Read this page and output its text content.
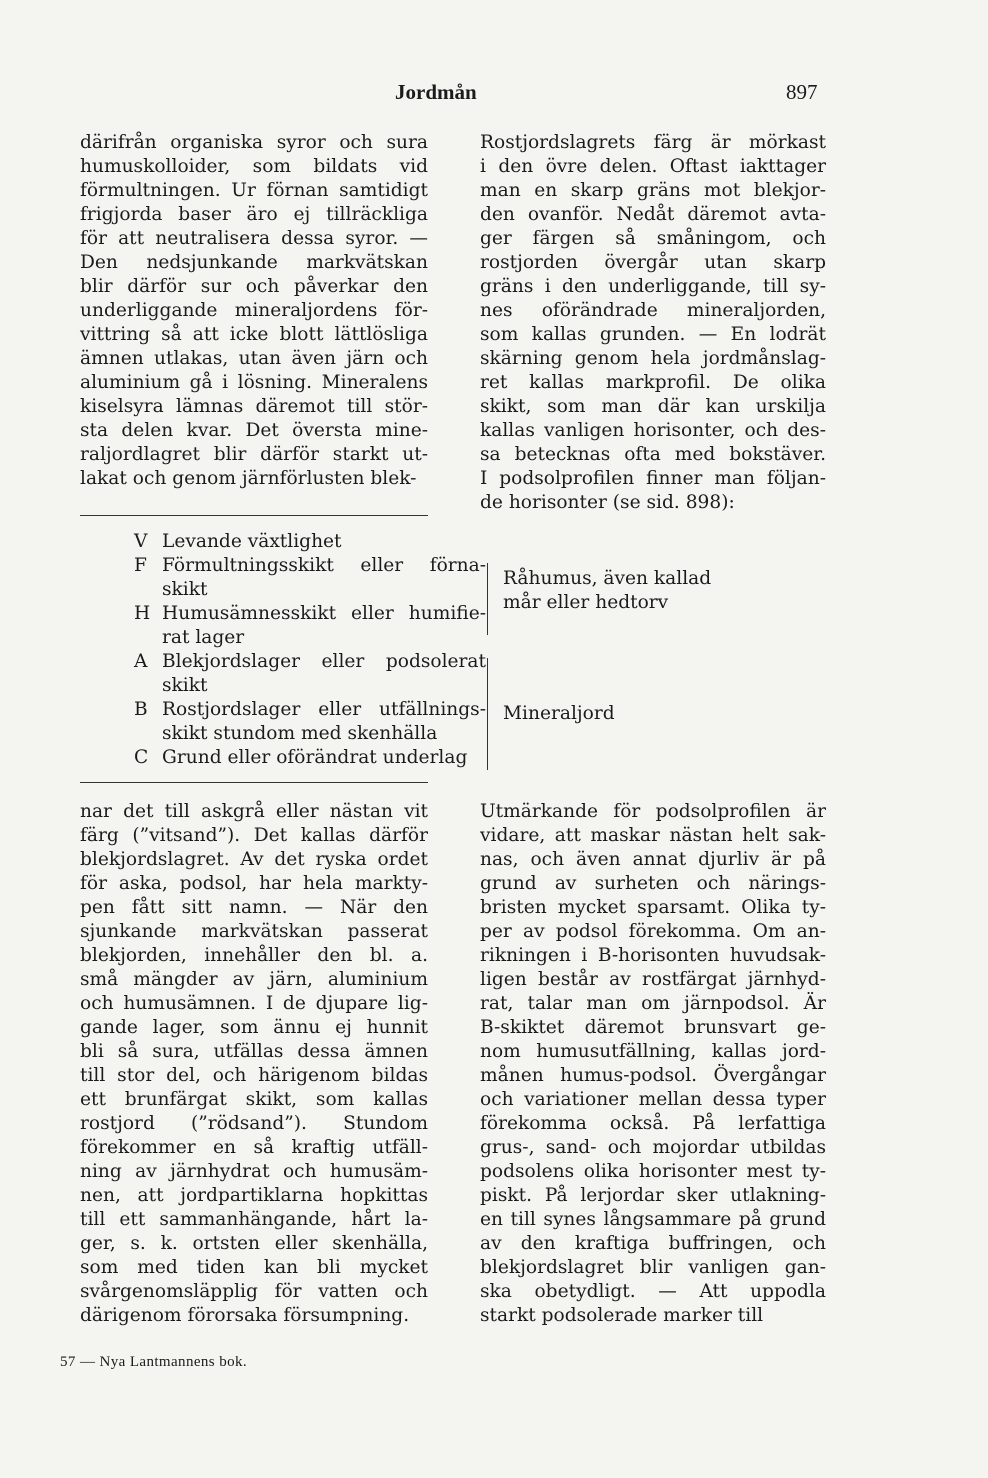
Jordmån	897
därifrån organiska syror och sura
humuskolloider, som bildats vid
förmultningen. Ur förnan samtidigt
frigjorda baser äro ej tillräckliga
för att neutralisera dessa syror. —
Den nedsjunkande markvätskan
blir därför sur och påverkar den
underliggande mineraljordens för-
vittring så att icke blott lättlösliga
ämnen utlakas, utan även järn och
aluminium gå i lösning. Mineralens
kiselsyra lämnas däremot till stör-
sta delen kvar. Det översta mine-
raljordlagret blir därför starkt ut-
lakat och genom järnförlusten blek-
Rostjordslagrets färg är mörkast
i den övre delen. Oftast iakttager
man en skarp gräns mot blekjor-
den ovanför. Nedåt däremot avta-
ger färgen så småningom, och
rostjorden övergår utan skarp
gräns i den underliggande, till sy-
nes oförändrade mineraljorden,
som kallas grunden. — En lodrät
skärning genom hela jordmånslag-
ret kallas markprofil. De olika
skikt, som man där kan urskilja
kallas vanligen horisonter, och des-
sa betecknas ofta med bokstäver.
I podsolprofilen finner man följan-
de horisonter (se sid. 898):
V Levande växtlighet
F Förmultningsskikt eller förna-
skikt
H Humusämnesskikt eller humifie-
rat lager
A Blekjordslager eller podsolerat
skikt
B Rostjordslager eller utfällnings-
skikt stundom med skenhälla
C Grund eller oförändrat underlag
Råhumus, även kallad
mår eller hedtorv
Mineraljord
nar det till askgrå eller nästan vit
färg (”vitsand”). Det kallas därför
blekjordslagret. Av det ryska ordet
för aska, podsol, har hela markty-
pen fått sitt namn. — När den
sjunkande markvätskan passerat
blekjorden, innehåller den bl. a.
små mängder av järn, aluminium
och humusämnen. I de djupare lig-
gande lager, som ännu ej hunnit
bli så sura, utfällas dessa ämnen
till stor del, och härigenom bildas
ett brunfärgat skikt, som kallas
rostjord (”rödsand”). Stundom
förekommer en så kraftig utfäll-
ning av järnhydrat och humusäm-
nen, att jordpartiklarna hopkittas
till ett sammanhängande, hårt la-
ger, s. k. ortsten eller skenhälla,
som med tiden kan bli mycket
svårgenomsläpplig för vatten och
därigenom förorsaka försumpning.
Utmärkande för podsolprofilen är
vidare, att maskar nästan helt sak-
nas, och även annat djurliv är på
grund av surheten och närings-
bristen mycket sparsamt. Olika ty-
per av podsol förekomma. Om an-
rikningen i B-horisonten huvudsak-
ligen består av rostfärgat järnhyd-
rat, talar man om järnpodsol. Är
B-skiktet däremot brunsvart ge-
nom humusutfällning, kallas jord-
månen humus-podsol. Övergångar
och variationer mellan dessa typer
förekomma också. På lerfattiga
grus-, sand- och mojordar utbildas
podsolens olika horisonter mest ty-
piskt. På lerjordar sker utlakning-
en till synes långsammare på grund
av den kraftiga buffringen, och
blekjordslagret blir vanligen gan-
ska obetydligt. — Att uppodla
starkt podsolerade marker till
57 — Nya Lantmannens bok.
